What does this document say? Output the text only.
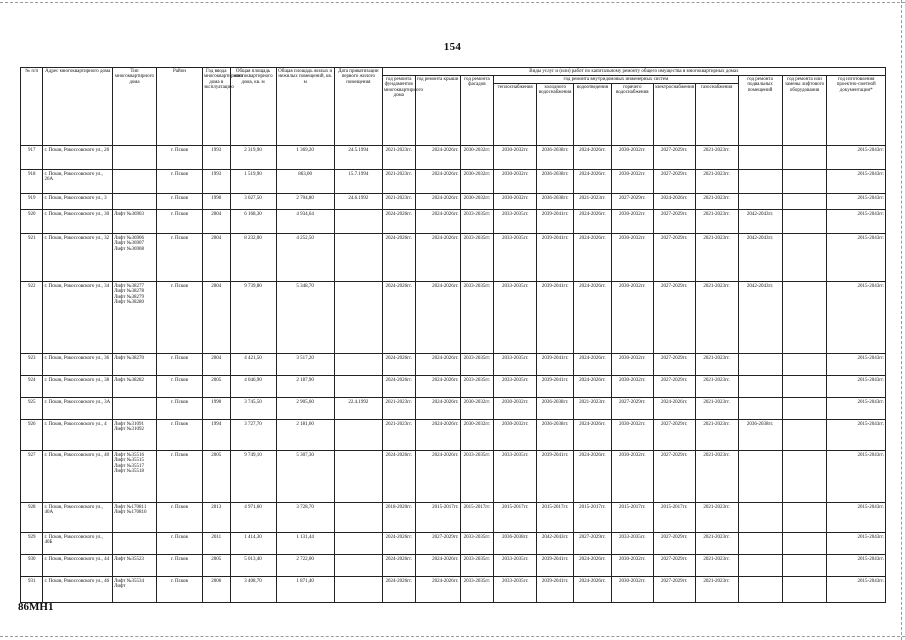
154
№ п/п	Адрес многоквартирного дома	Тип многоквартирного дома	Район	Год ввода многоквартирного дома в эксплуатацию	Общая площадь многоквартирного дома, кв. м	Общая площадь жилых и нежилых помещений, кв. м	Дата приватизации первого жилого помещения	Виды услуг и (или) работ по капитальному ремонту общего имущества в многоквартирных домах											
								год ремонта фундаментов многоквартирного дома	год ремонта крыши	год ремонта фасадов	год ремонта внутридомовых инженерных систем						год ремонта подвальных помещений	год ремонта или замены лифтового оборудования	год изготовления проектно-сметной документации*
											теплоснабжения	холодного водоснабжения	водоотведения	горячего водоснабжения	электроснабжения	газоснабжения			
917	г. Псков, Рокоссовского ул., 26		г. Псков	1993	2 319,90	1 369,20	24.5.1994	2021-2023гг.	2024-2026гг.	2030-2032гг.	2030-2032гг.	2036-2038гг.	2024-2026гг.	2030-2032гг.	2027-2029гг.	2021-2023гг.			2015-2043гг.
918	г. Псков, Рокоссовского ул., 26А		г. Псков	1993	1 519,90	863,00	15.7.1994	2021-2023гг.	2024-2026гг.	2030-2032гг.	2030-2032гг.	2036-2038гг.	2024-2026гг.	2030-2032гг.	2027-2029гг.	2021-2023гг.			2015-2043гг.
919	г. Псков, Рокоссовского ул., 3		г. Псков	1990	3 027,50	2 704,80	24.6.1992	2021-2023гг.	2024-2026гг.	2030-2032гг.	2030-2032гг.	2036-2038гг.	2021-2023гг.	2027-2029гг.	2024-2026гг.	2021-2023гг.			2015-2043гг.
920	г. Псков, Рокоссовского ул., 30	Лифт №36903	г. Псков	2004	6 168,30	4 934,64		2024-2026гг.	2024-2026гг.	2033-2035гг.	2033-2035гг.	2039-2041гг.	2024-2026гг.	2030-2032гг.	2027-2029гг.	2021-2023гг.	2042-2043гг.		2015-2043гг.
921	г. Псков, Рокоссовского ул., 32	Лифт №36906 Лифт №36907 Лифт №36908	г. Псков	2004	8 232,00	4 252,50		2024-2026гг.	2024-2026гг.	2033-2035гг.	2033-2035гг.	2039-2041гг.	2024-2026гг.	2030-2032гг.	2027-2029гг.	2021-2023гг.	2042-2043гг.		2015-2043гг.
922	г. Псков, Рокоссовского ул., 34	Лифт №38277 Лифт №38278 Лифт №38279 Лифт №38280	г. Псков	2004	9 739,80	5 348,70		2024-2026гг.	2024-2026гг.	2033-2035гг.	2033-2035гг.	2039-2041гг.	2024-2026гг.	2030-2032гг.	2027-2029гг.	2021-2023гг.	2042-2043гг.		2015-2043гг.
923	г. Псков, Рокоссовского ул., 36	Лифт №38270	г. Псков	2004	4 421,50	3 517,20		2024-2026гг.	2024-2026гг.	2033-2035гг.	2033-2035гг.	2039-2041гг.	2024-2026гг.	2030-2032гг.	2027-2029гг.	2021-2023гг.			2015-2043гг.
924	г. Псков, Рокоссовского ул., 38	Лифт №38282	г. Псков	2005	4 046,90	2 187,90		2024-2026гг.	2024-2026гг.	2033-2035гг.	2033-2035гг.	2039-2041гг.	2024-2026гг.	2030-2032гг.	2027-2029гг.	2021-2023гг.			2015-2043гг.
925	г. Псков, Рокоссовского ул., 3А		г. Псков	1990	3 745,50	2 905,60	22.4.1992	2021-2023гг.	2024-2026гг.	2030-2032гг.	2030-2032гг.	2036-2038гг.	2021-2023гг.	2027-2029гг.	2024-2026гг.	2021-2023гг.			2015-2043гг.
926	г. Псков, Рокоссовского ул., 4	Лифт №31091 Лифт №31092	г. Псков	1994	3 727,70	2 181,60		2021-2023гг.	2024-2026гг.	2030-2032гг.	2030-2032гг.	2036-2038гг.	2024-2026гг.	2030-2032гг.	2027-2029гг.	2021-2023гг.	2036-2038гг.		2015-2043гг.
927	г. Псков, Рокоссовского ул., 40	Лифт №35516 Лифт №35515 Лифт №35517 Лифт №35518	г. Псков	2005	9 749,10	5 307,30		2024-2026гг.	2024-2026гг.	2033-2035гг.	2033-2035гг.	2039-2041гг.	2024-2026гг.	2030-2032гг.	2027-2029гг.	2021-2023гг.			2015-2043гг.
928	г. Псков, Рокоссовского ул., 40А	Лифт №170811 Лифт №170810	г. Псков	2013	4 971,60	3 728,70		2018-2020гг.	2015-2017гг.	2015-2017гг.	2015-2017гг.	2015-2017гг.	2015-2017гг.	2015-2017гг.	2015-2017гг.	2021-2023гг.			2015-2043гг.
929	г. Псков, Рокоссовского ул., 40Б		г. Псков	2011	1 414,30	1 131,44		2024-2026гг.	2027-2029гг.	2033-2035гг.	2036-2038гг.	2042-2043гг.	2027-2029гг.	2033-2035гг.	2027-2029гг.	2021-2023гг.			2015-2043гг.
930	г. Псков, Рокоссовского ул., 44	Лифт №35523	г. Псков	2005	5 013,40	2 722,00		2024-2026гг.	2024-2026гг.	2033-2035гг.	2033-2035гг.	2039-2041гг.	2024-2026гг.	2030-2032гг.	2027-2029гг.	2021-2023гг.			2015-2043гг.
931	г. Псков, Рокоссовского ул., 46	Лифт №35534 Лифт	г. Псков	2006	3 408,70	1 871,40		2024-2026гг.	2024-2026гг.	2033-2035гг.	2033-2035гг.	2039-2041гг.	2024-2026гг.	2030-2032гг.	2027-2029гг.	2021-2023гг.			2015-2043гг.
86МН1
